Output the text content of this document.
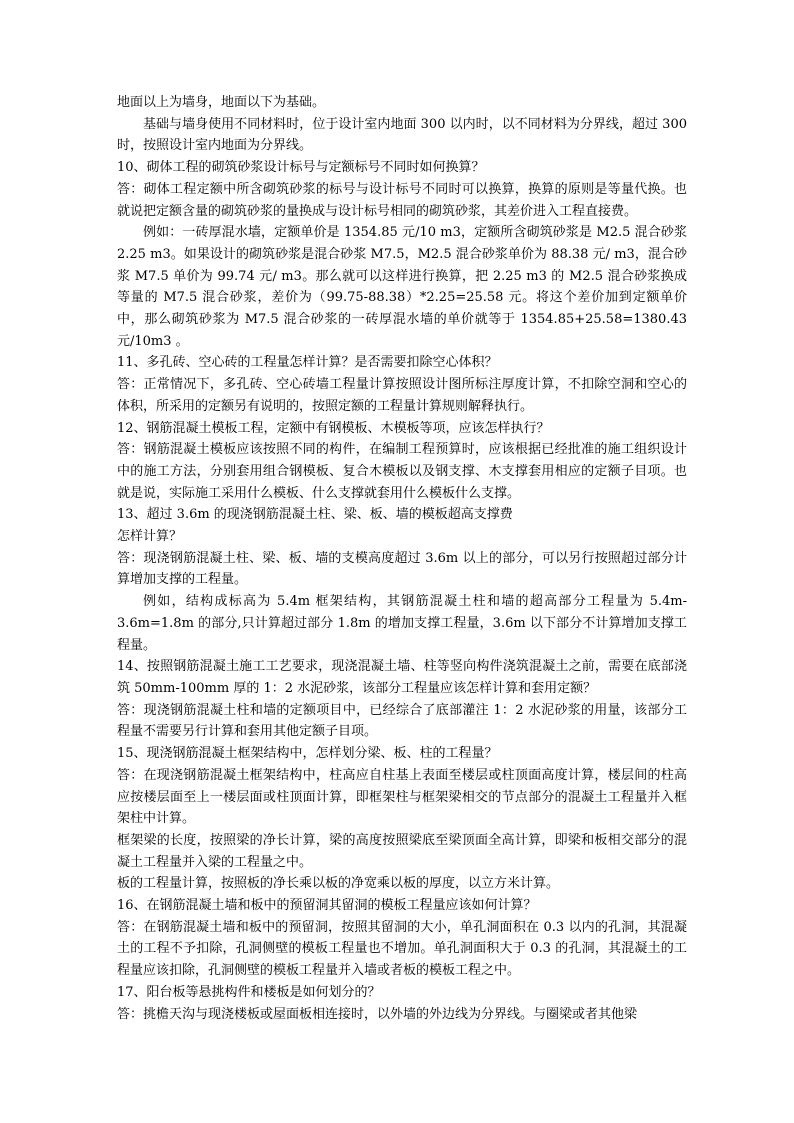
地面以上为墙身，地面以下为基础。

基础与墙身使用不同材料时，位于设计室内地面 300 以内时，以不同材料为分界线，超过 300 时，按照设计室内地面为分界线。

10、砌体工程的砌筑砂浆设计标号与定额标号不同时如何换算？

答：砌体工程定额中所含砌筑砂浆的标号与设计标号不同时可以换算，换算的原则是等量代换。也就说把定额含量的砌筑砂浆的量换成与设计标号相同的砌筑砂浆，其差价进入工程直接费。

例如：一砖厚混水墙，定额单价是 1354.85 元/10 m3，定额所含砌筑砂浆是 M2.5 混合砂浆 2.25 m3。如果设计的砌筑砂浆是混合砂浆 M7.5，M2.5 混合砂浆单价为 88.38 元/ m3，混合砂浆 M7.5 单价为 99.74 元/ m3。那么就可以这样进行换算，把 2.25 m3 的 M2.5 混合砂浆换成等量的 M7.5 混合砂浆，差价为（99.75-88.38）*2.25=25.58 元。将这个差价加到定额单价中，那么砌筑砂浆为 M7.5 混合砂浆的一砖厚混水墙的单价就等于 1354.85+25.58=1380.43 元/10m3 。

11、多孔砖、空心砖的工程量怎样计算？是否需要扣除空心体积？

答：正常情况下，多孔砖、空心砖墙工程量计算按照设计图所标注厚度计算，不扣除空洞和空心的体积，所采用的定额另有说明的，按照定额的工程量计算规则解释执行。

12、钢筋混凝土模板工程，定额中有钢模板、木模板等项，应该怎样执行？

答：钢筋混凝土模板应该按照不同的构件，在编制工程预算时，应该根据已经批准的施工组织设计中的施工方法，分别套用组合钢模板、复合木模板以及钢支撑、木支撑套用相应的定额子目项。也就是说，实际施工采用什么模板、什么支撑就套用什么模板什么支撑。

13、超过 3.6m 的现浇钢筋混凝土柱、梁、板、墙的模板超高支撑费

怎样计算？

答：现浇钢筋混凝土柱、梁、板、墙的支模高度超过 3.6m 以上的部分，可以另行按照超过部分计算增加支撑的工程量。

例如，结构成标高为 5.4m 框架结构，其钢筋混凝土柱和墙的超高部分工程量为 5.4m-3.6m=1.8m 的部分,只计算超过部分 1.8m 的增加支撑工程量，3.6m 以下部分不计算增加支撑工程量。

14、按照钢筋混凝土施工工艺要求，现浇混凝土墙、柱等竖向构件浇筑混凝土之前，需要在底部浇筑 50mm-100mm 厚的 1：2 水泥砂浆，该部分工程量应该怎样计算和套用定额？

答：现浇钢筋混凝土柱和墙的定额项目中，已经综合了底部灌注 1：2 水泥砂浆的用量，该部分工程量不需要另行计算和套用其他定额子目项。

15、现浇钢筋混凝土框架结构中，怎样划分梁、板、柱的工程量？

答：在现浇钢筋混凝土框架结构中，柱高应自柱基上表面至楼层或柱顶面高度计算，楼层间的柱高应按楼层面至上一楼层面或柱顶面计算，即框架柱与框架梁相交的节点部分的混凝土工程量并入框架柱中计算。

框架梁的长度，按照梁的净长计算，梁的高度按照梁底至梁顶面全高计算，即梁和板相交部分的混凝土工程量并入梁的工程量之中。

板的工程量计算，按照板的净长乘以板的净宽乘以板的厚度，以立方米计算。

16、在钢筋混凝土墙和板中的预留洞其留洞的模板工程量应该如何计算？

答：在钢筋混凝土墙和板中的预留洞，按照其留洞的大小，单孔洞面积在 0.3 以内的孔洞，其混凝土的工程不予扣除，孔洞侧壁的模板工程量也不增加。单孔洞面积大于 0.3 的孔洞，其混凝土的工程量应该扣除，孔洞侧壁的模板工程量并入墙或者板的模板工程之中。

17、阳台板等悬挑构件和楼板是如何划分的？

答：挑檐天沟与现浇楼板或屋面板相连接时，以外墙的外边线为分界线。与圈梁或者其他梁
